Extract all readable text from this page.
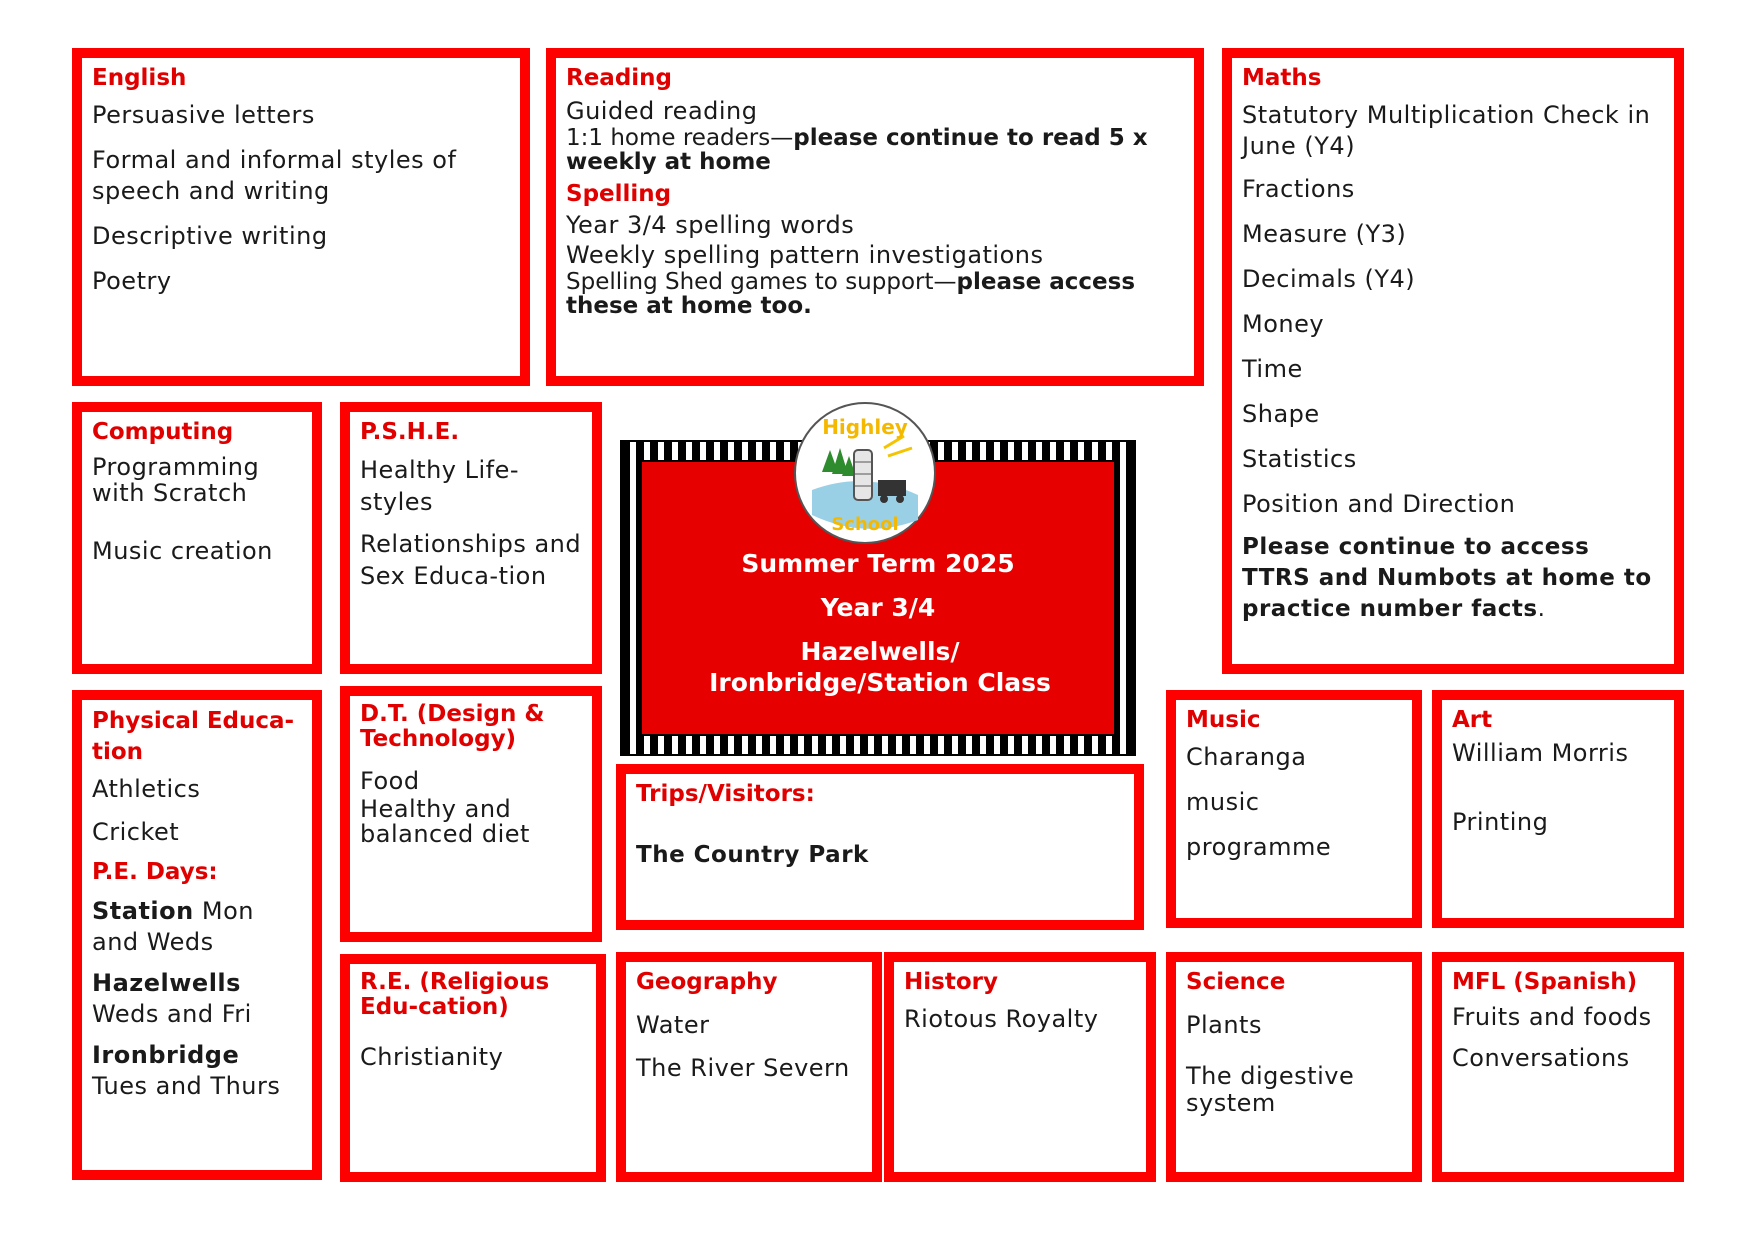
English
Persuasive letters
Formal and informal styles of speech and writing
Descriptive writing
Poetry
Reading
Guided reading
1:1 home readers—please continue to read 5 x weekly at home
Spelling
Year 3/4 spelling words
Weekly spelling pattern investigations
Spelling Shed games to support—please access these at home too.
Maths
Statutory Multiplication Check in June (Y4)
Fractions
Measure (Y3)
Decimals (Y4)
Money
Time
Shape
Statistics
Position and Direction
Please continue to access TTRS and Numbots at home to practice number facts.
Computing
Programming with Scratch
Music creation
P.S.H.E.
Healthy Life-styles
Relationships and Sex Educa-tion	Summer Term 2025
Year 3/4
Hazelwells/ Ironbridge/Station Class
Highley
School
Physical Educa-tion
Athletics
Cricket
P.E. Days:
Station Mon and Weds
Hazelwells Weds and Fri
Ironbridge Tues and Thurs
D.T. (Design & Technology)
Food
Healthy and balanced diet
Trips/Visitors:
The Country Park
Music
Charanga
music
programme
Art
William Morris
Printing
R.E. (Religious Edu-cation)
Christianity
Geography
Water
The River Severn
History
Riotous Royalty
Science
Plants
The digestive system
MFL (Spanish)
Fruits and foods
Conversations
